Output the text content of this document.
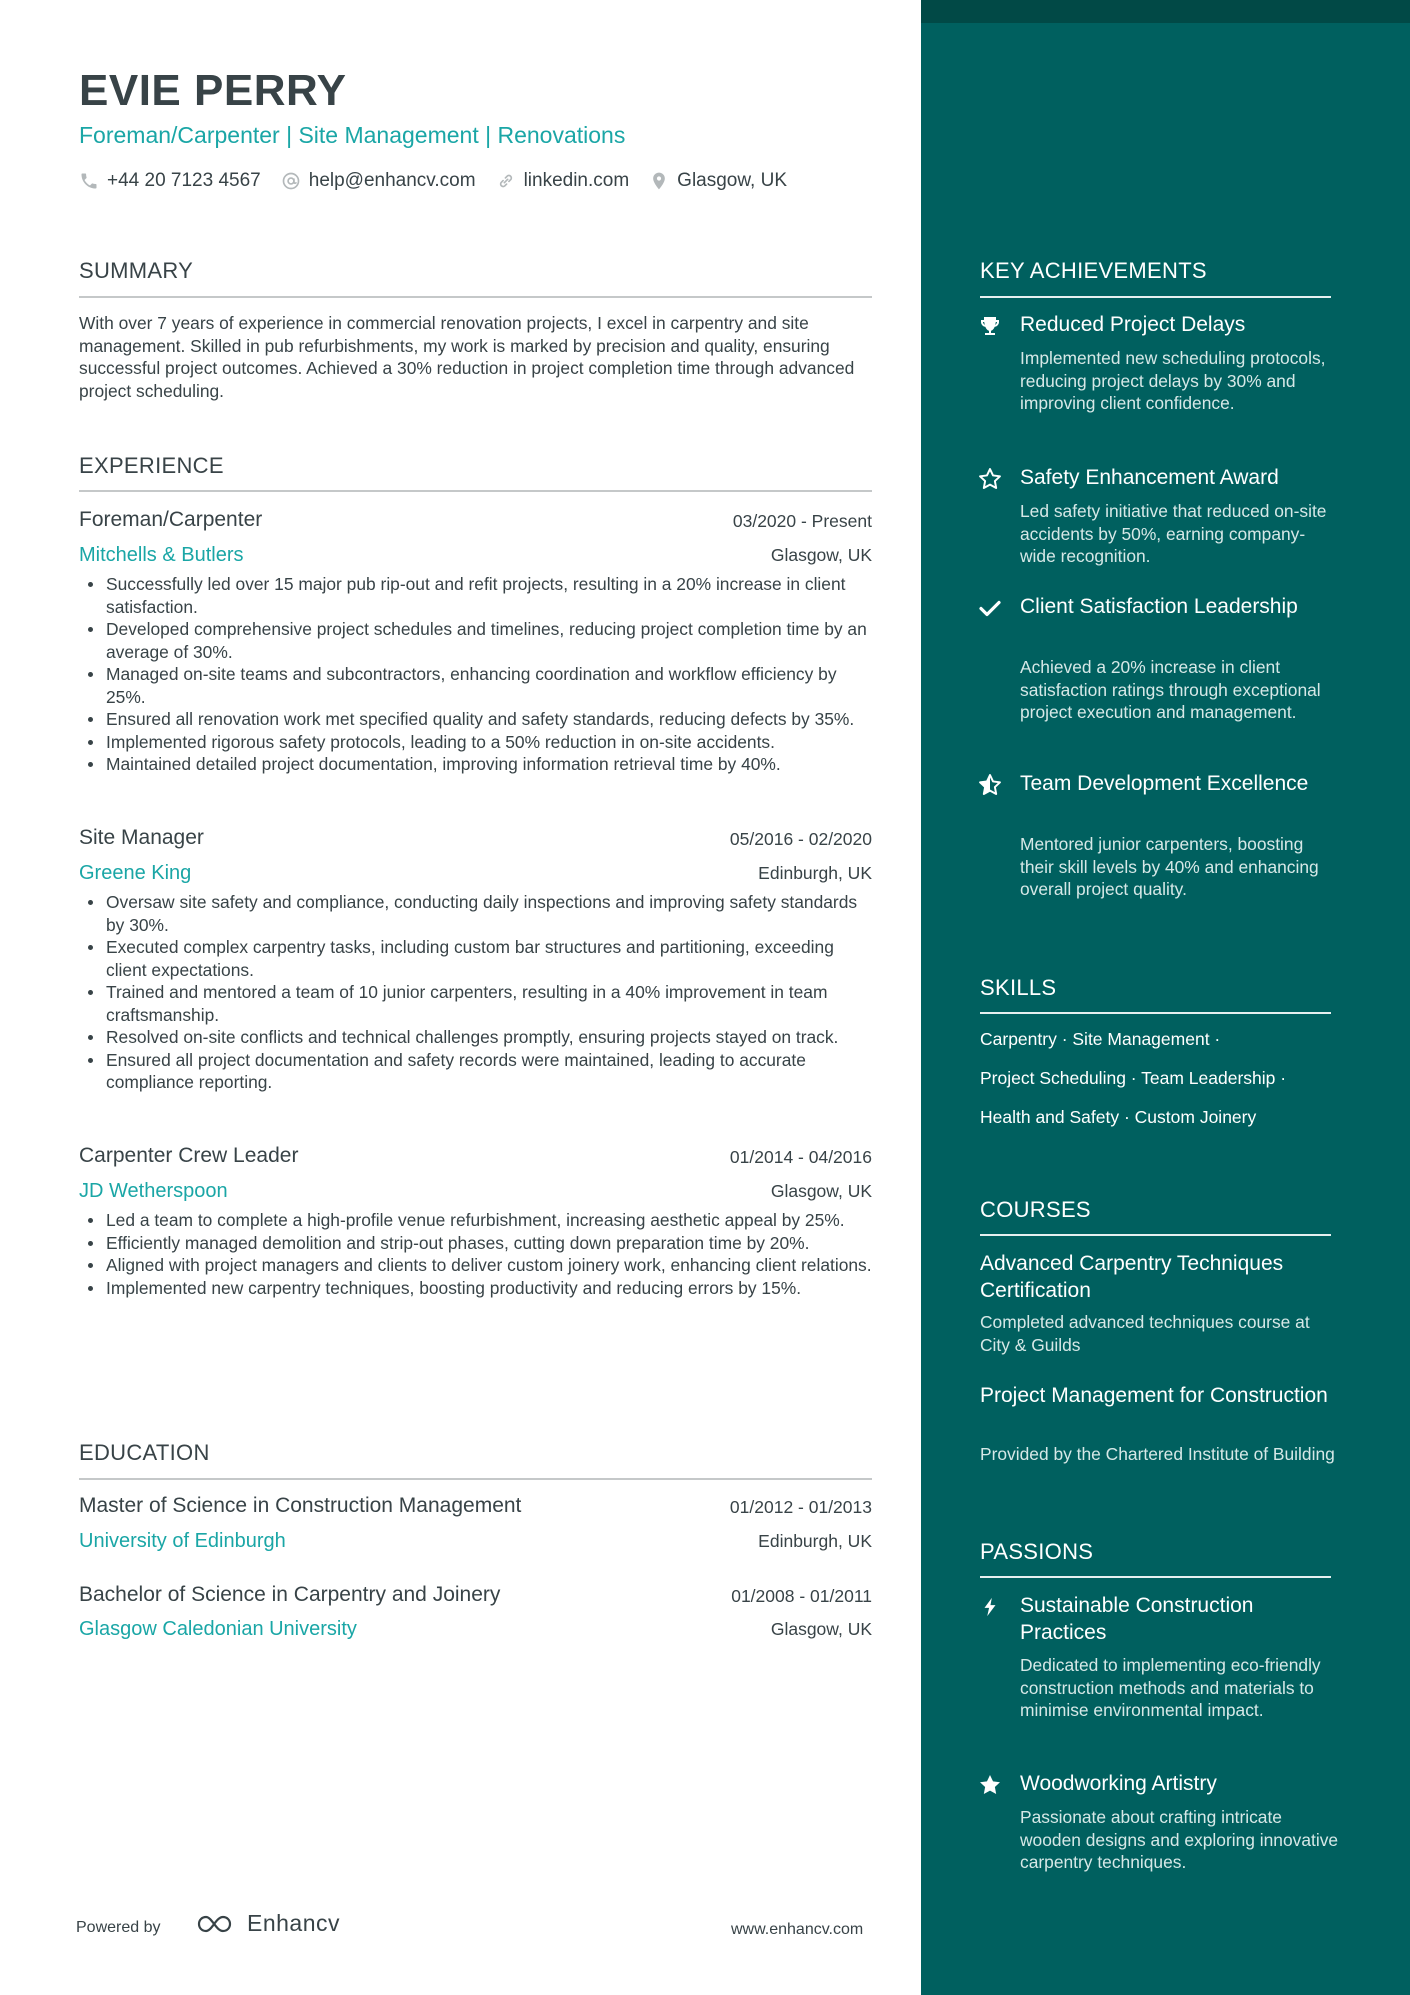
EVIE PERRY
Foreman/Carpenter | Site Management | Renovations
+44 20 7123 4567	help@enhancv.com	linkedin.com	Glasgow, UK
SUMMARY

With over 7 years of experience in commercial renovation projects, I excel in carpentry and site management. Skilled in pub refurbishments, my work is marked by precision and quality, ensuring successful project outcomes. Achieved a 30% reduction in project completion time through advanced project scheduling.

EXPERIENCE
Foreman/Carpenter	03/2020 - Present
Mitchells & Butlers	Glasgow, UK
Successfully led over 15 major pub rip-out and refit projects, resulting in a 20% increase in client satisfaction.
Developed comprehensive project schedules and timelines, reducing project completion time by an average of 30%.
Managed on-site teams and subcontractors, enhancing coordination and workflow efficiency by 25%.
Ensured all renovation work met specified quality and safety standards, reducing defects by 35%.
Implemented rigorous safety protocols, leading to a 50% reduction in on-site accidents.
Maintained detailed project documentation, improving information retrieval time by 40%.
Site Manager	05/2016 - 02/2020
Greene King	Edinburgh, UK
Oversaw site safety and compliance, conducting daily inspections and improving safety standards by 30%.
Executed complex carpentry tasks, including custom bar structures and partitioning, exceeding client expectations.
Trained and mentored a team of 10 junior carpenters, resulting in a 40% improvement in team craftsmanship.
Resolved on-site conflicts and technical challenges promptly, ensuring projects stayed on track.
Ensured all project documentation and safety records were maintained, leading to accurate compliance reporting.
Carpenter Crew Leader	01/2014 - 04/2016
JD Wetherspoon	Glasgow, UK
Led a team to complete a high-profile venue refurbishment, increasing aesthetic appeal by 25%.
Efficiently managed demolition and strip-out phases, cutting down preparation time by 20%.
Aligned with project managers and clients to deliver custom joinery work, enhancing client relations.
Implemented new carpentry techniques, boosting productivity and reducing errors by 15%.
EDUCATION
Master of Science in Construction Management	01/2012 - 01/2013
University of Edinburgh	Edinburgh, UK
Bachelor of Science in Carpentry and Joinery	01/2008 - 01/2011
Glasgow Caledonian University	Glasgow, UK
Powered by	Enhancv	www.enhancv.com
KEY ACHIEVEMENTS
Reduced Project Delays
Implemented new scheduling protocols, reducing project delays by 30% and improving client confidence.
Safety Enhancement Award
Led safety initiative that reduced on-site accidents by 50%, earning company-wide recognition.
Client Satisfaction Leadership
Achieved a 20% increase in client satisfaction ratings through exceptional project execution and management.
Team Development Excellence
Mentored junior carpenters, boosting their skill levels by 40% and enhancing overall project quality.
SKILLS
Carpentry · Site Management ·
Project Scheduling · Team Leadership ·
Health and Safety · Custom Joinery
COURSES
Advanced Carpentry Techniques Certification
Completed advanced techniques course at City & Guilds
Project Management for Construction
Provided by the Chartered Institute of Building
PASSIONS
Sustainable Construction Practices
Dedicated to implementing eco-friendly construction methods and materials to minimise environmental impact.
Woodworking Artistry
Passionate about crafting intricate wooden designs and exploring innovative carpentry techniques.
